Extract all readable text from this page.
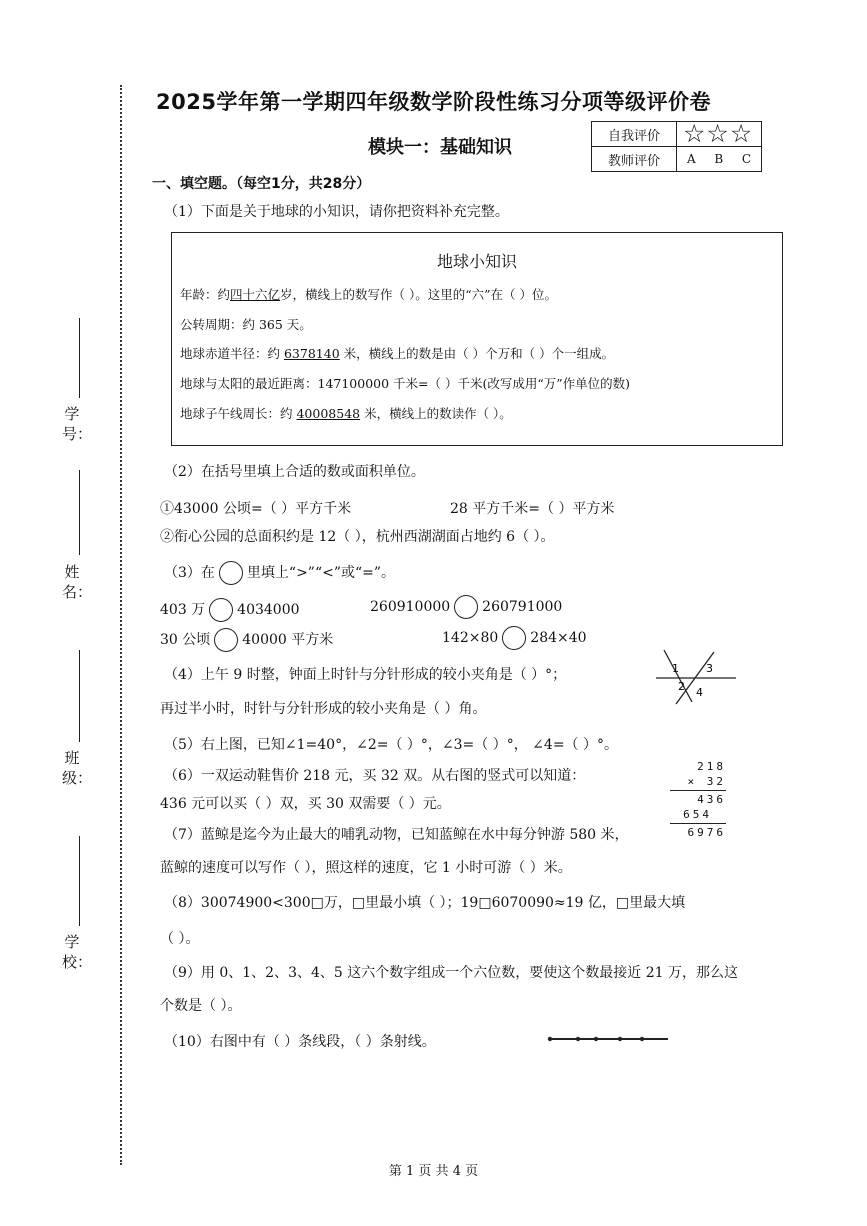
学号：
姓名：
班级：
学校：
2025学年第一学期四年级数学阶段性练习分项等级评价卷
模块一：基础知识
自我评价	☆☆☆
教师评价	A B C
一、填空题。（每空1分，共28分）
（1）下面是关于地球的小知识，请你把资料补充完整。
地球小知识
年龄：约四十六亿岁，横线上的数写作（ ）。这里的“六”在（ ）位。
公转周期：约 365 天。
地球赤道半径：约 6378140 米，横线上的数是由（ ）个万和（ ）个一组成。
地球与太阳的最近距离：147100000 千米=（ ）千米(改写成用“万”作单位的数)
地球子午线周长：约 40008548 米，横线上的数读作（ ）。
（2）在括号里填上合适的数或面积单位。
①43000 公顷=（ ）平方千米	28 平方千米=（ ）平方米
②衔心公园的总面积约是 12（ ），杭州西湖湖面占地约 6（ ）。
（3）在 里填上“>”“<”或“=”。
403 万 4034000	260910000 260791000
30 公顷 40000 平方米	142×80 284×40
（4）上午 9 时整，钟面上时针与分针形成的较小夹角是（ ）°；
再过半小时，时针与分针形成的较小夹角是（ ）角。
1 3
2 4
（5）右上图，已知∠1=40°，∠2=（ ）°，∠3=（ ）°， ∠4=（ ）°。
（6）一双运动鞋售价 218 元，买 32 双。从右图的竖式可以知道：
436 元可以买（ ）双，买 30 双需要（ ）元。
218
× 32
436
654
6976
（7）蓝鲸是迄今为止最大的哺乳动物，已知蓝鲸在水中每分钟游 580 米，
蓝鲸的速度可以写作（ ），照这样的速度，它 1 小时可游（ ）米。
（8）30074900<300□万，□里最小填（ ）；19□6070090≈19 亿，□里最大填
（ ）。
（9）用 0、1、2、3、4、5 这六个数字组成一个六位数，要使这个数最接近 21 万，那么这
个数是（ ）。
（10）右图中有（ ）条线段，（ ）条射线。
第 1 页 共 4 页
